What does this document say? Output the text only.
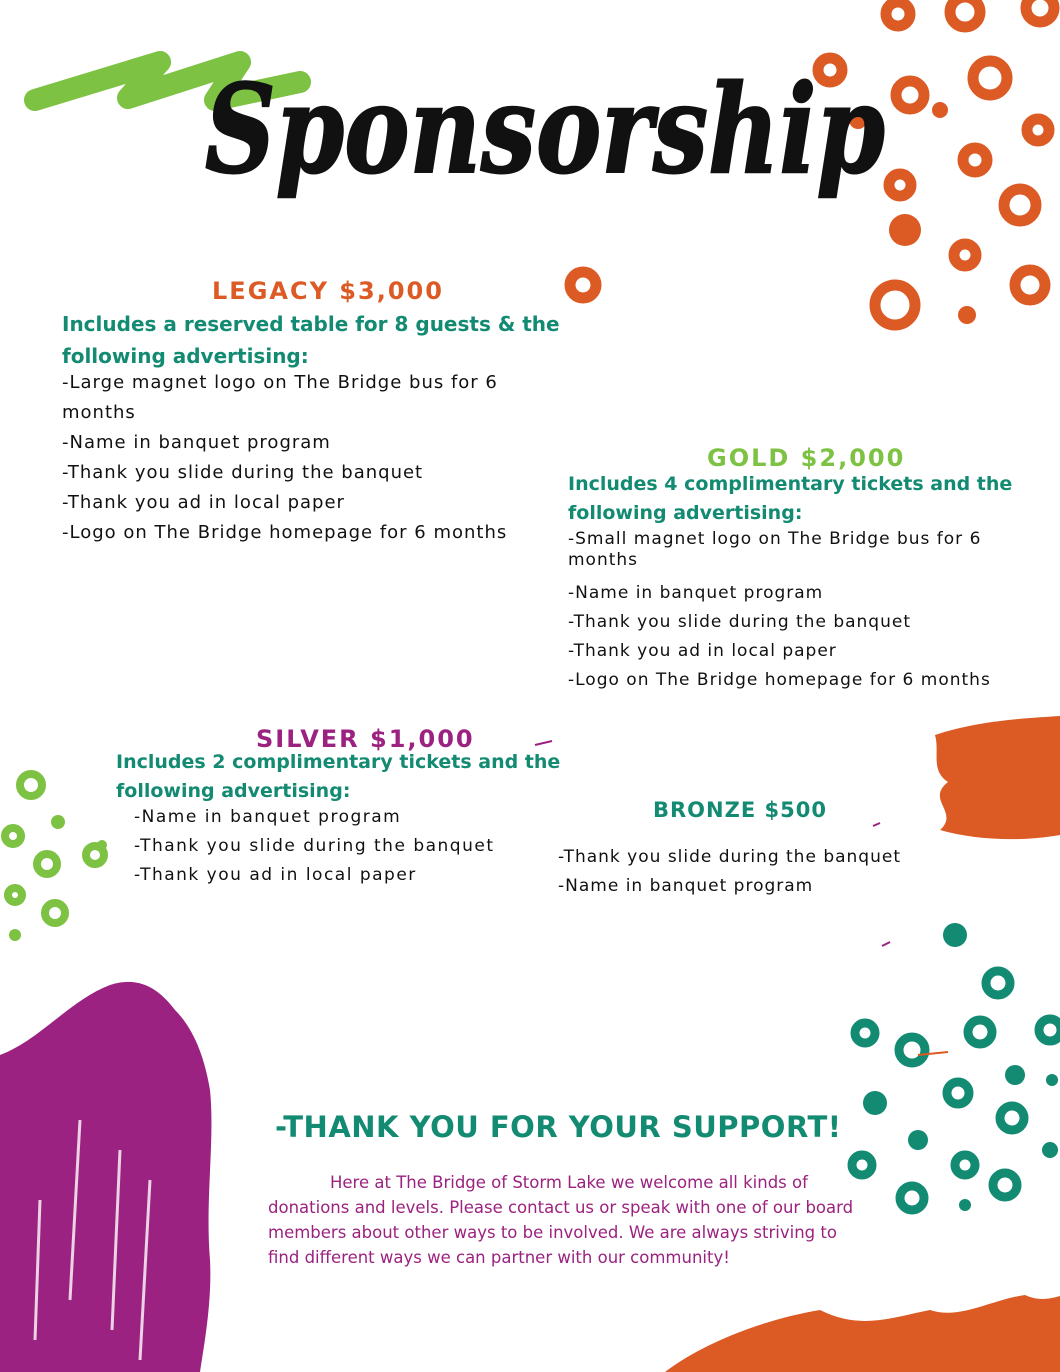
Sponsorship
LEGACY $3,000

Includes a reserved table for 8 guests & the following advertising:

-Large magnet logo on The Bridge bus for 6 months
-Name in banquet program
-Thank you slide during the banquet
-Thank you ad in local paper
-Logo on The Bridge homepage for 6 months
GOLD $2,000

Includes 4 complimentary tickets and the following advertising:

-Small magnet logo on The Bridge bus for 6 months
-Name in banquet program
-Thank you slide during the banquet
-Thank you ad in local paper
-Logo on The Bridge homepage for 6 months
SILVER $1,000

Includes 2 complimentary tickets and the following advertising:

-Name in banquet program
-Thank you slide during the banquet
-Thank you ad in local paper
BRONZE $500
-Thank you slide during the banquet
-Name in banquet program
-THANK YOU FOR YOUR SUPPORT!

Here at The Bridge of Storm Lake we welcome all kinds of donations and levels. Please contact us or speak with one of our board members about other ways to be involved. We are always striving to find different ways we can partner with our community!
